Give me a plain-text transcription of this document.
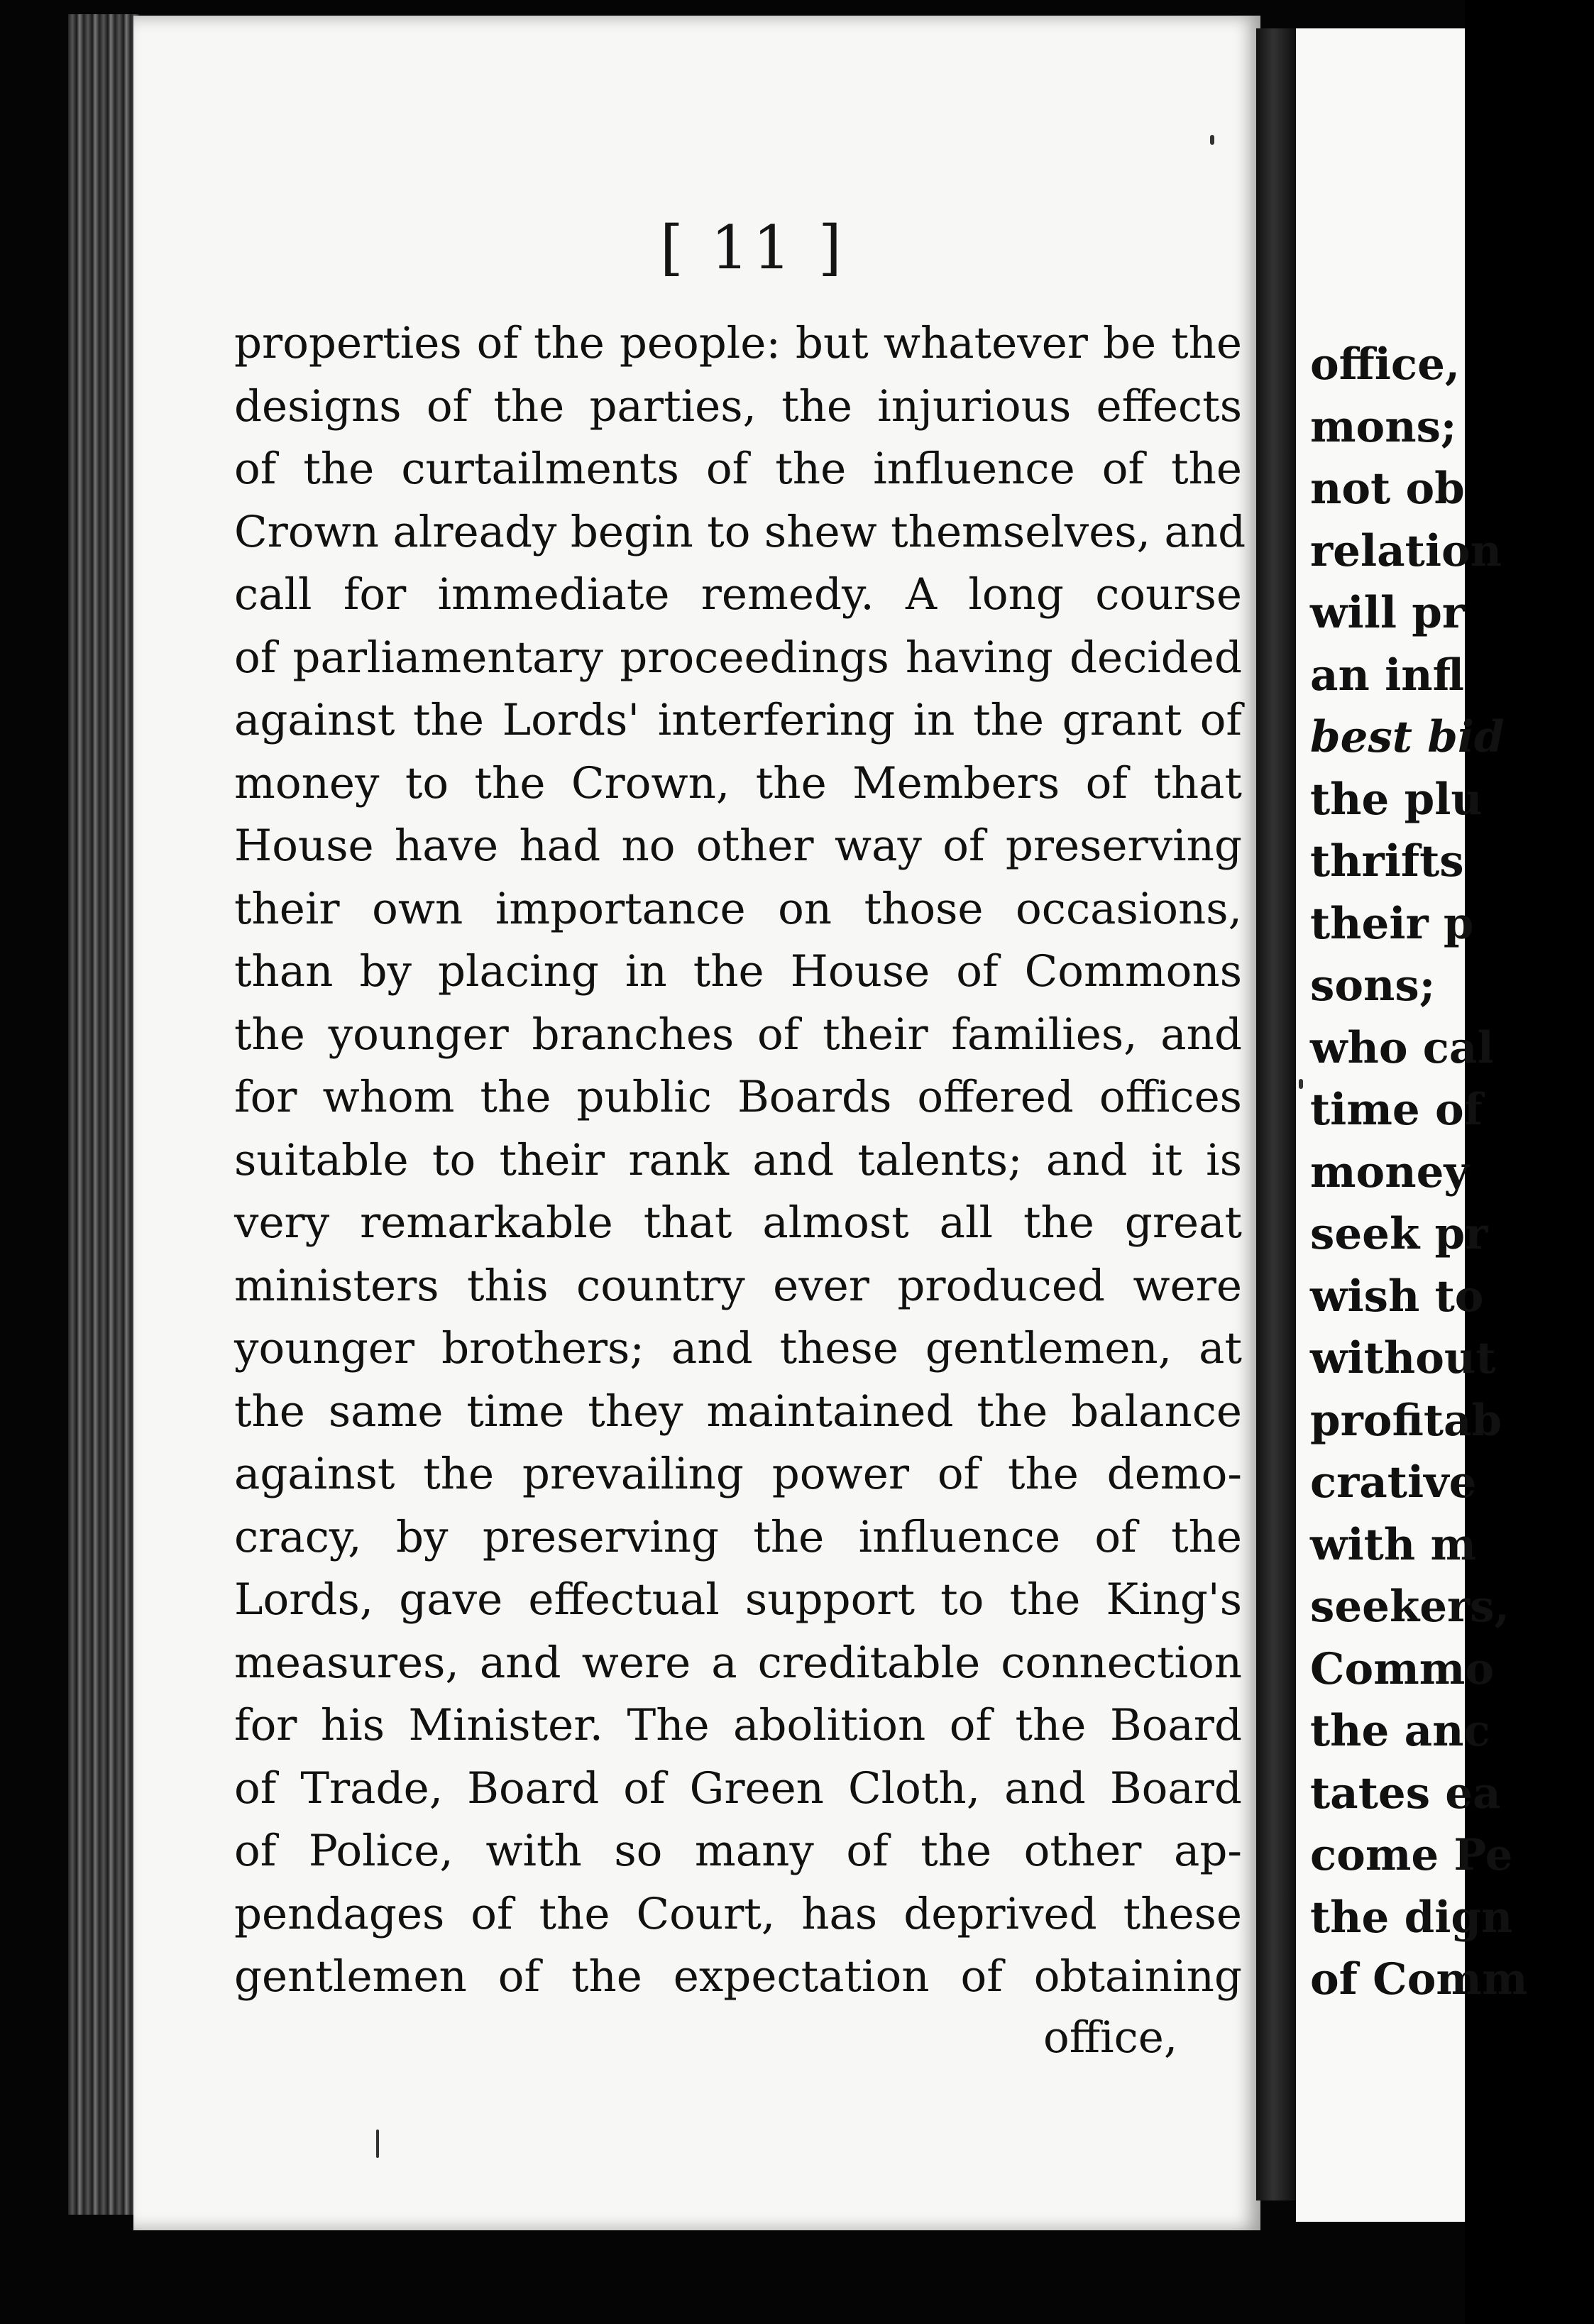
[ 11 ]
properties of the people: but whatever be the
designs of the parties, the injurious effects
of the curtailments of the influence of the
Crown already begin to shew themselves, and
call for immediate remedy. A long course
of parliamentary proceedings having decided
against the Lords' interfering in the grant of
money to the Crown, the Members of that
House have had no other way of preserving
their own importance on those occasions,
than by placing in the House of Commons
the younger branches of their families, and
for whom the public Boards offered offices
suitable to their rank and talents; and it is
very remarkable that almost all the great
ministers this country ever produced were
younger brothers; and these gentlemen, at
the same time they maintained the balance
against the prevailing power of the demo-
cracy, by preserving the influence of the
Lords, gave effectual support to the King's
measures, and were a creditable connection
for his Minister. The abolition of the Board
of Trade, Board of Green Cloth, and Board
of Police, with so many of the other ap-
pendages of the Court, has deprived these
gentlemen of the expectation of obtaining
office,
office,
mons;
not ob
relation
will pr
an infl
best bid
the plu
thrifts
their p
sons;
who cal
time of
money
seek pr
wish to
without
profitab
crative
with m
seekers,
Commo
the anc
tates ea
come Pe
the dign
of Comm
